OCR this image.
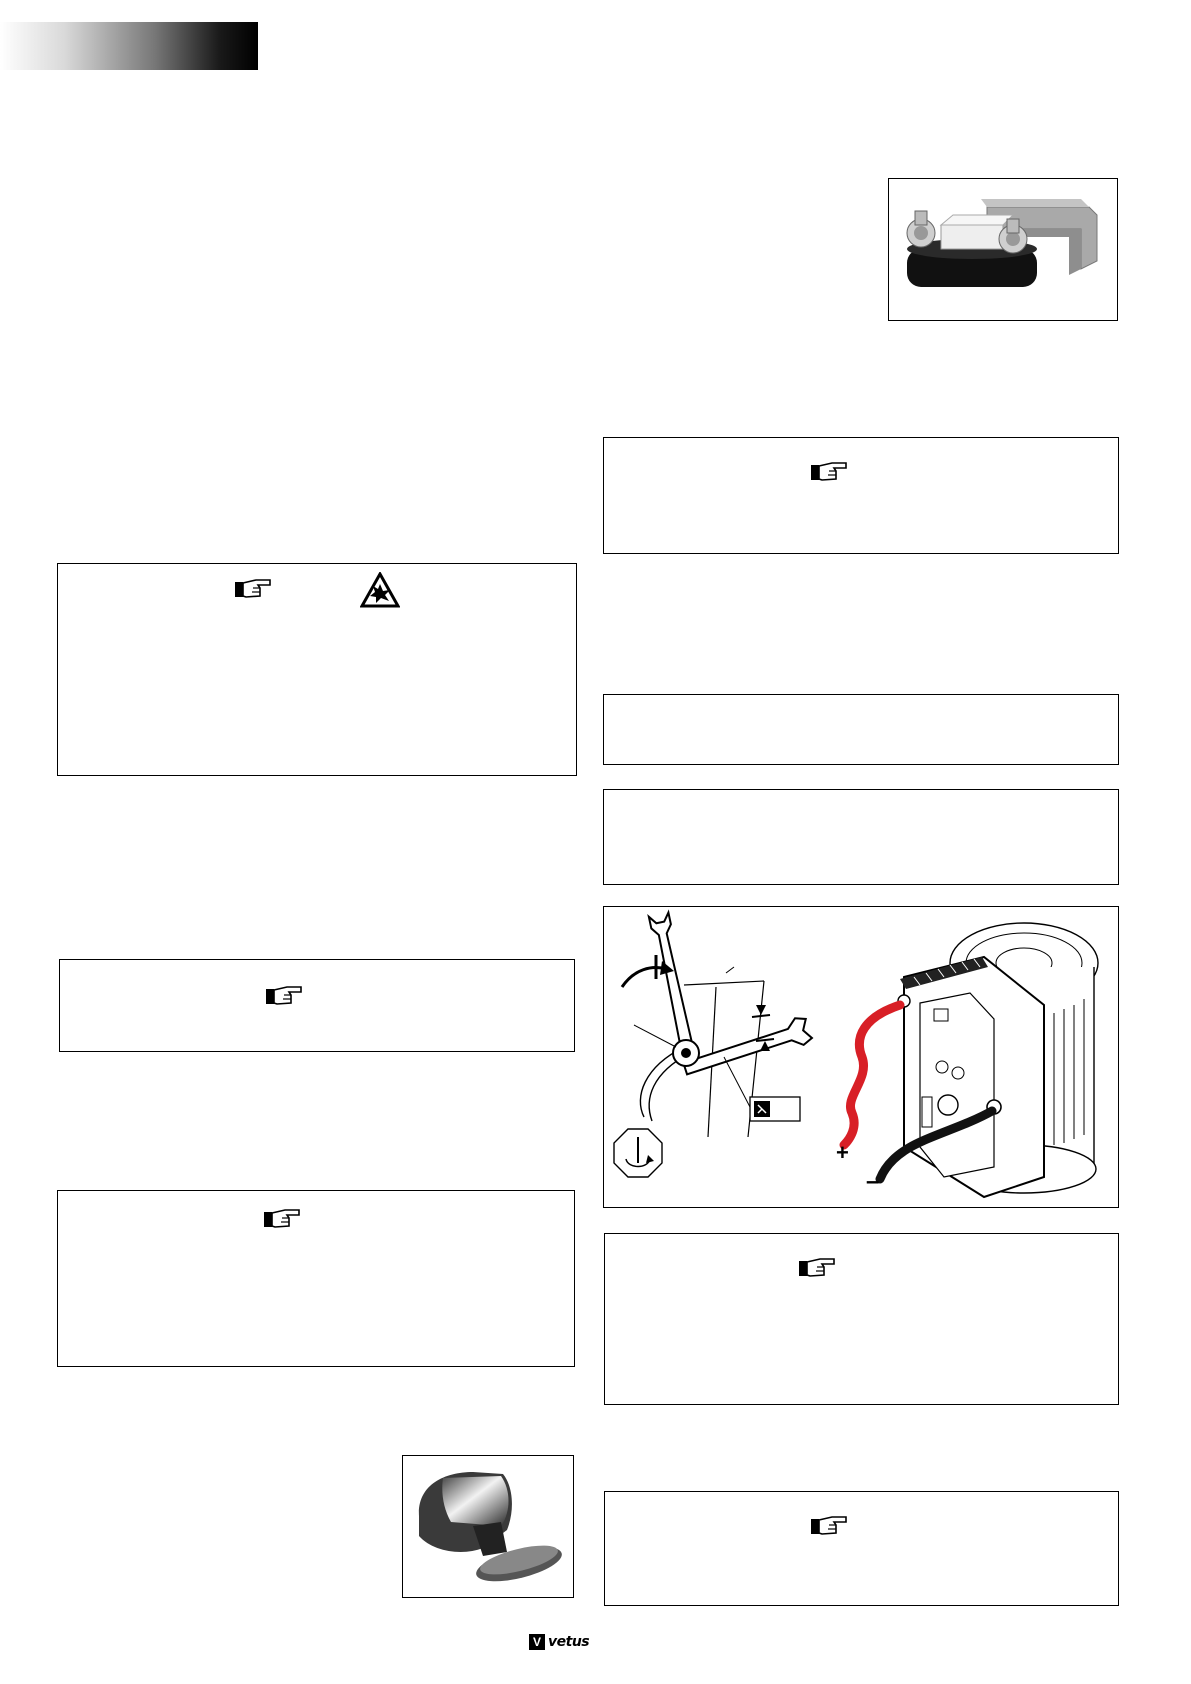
+
–
V vetus
